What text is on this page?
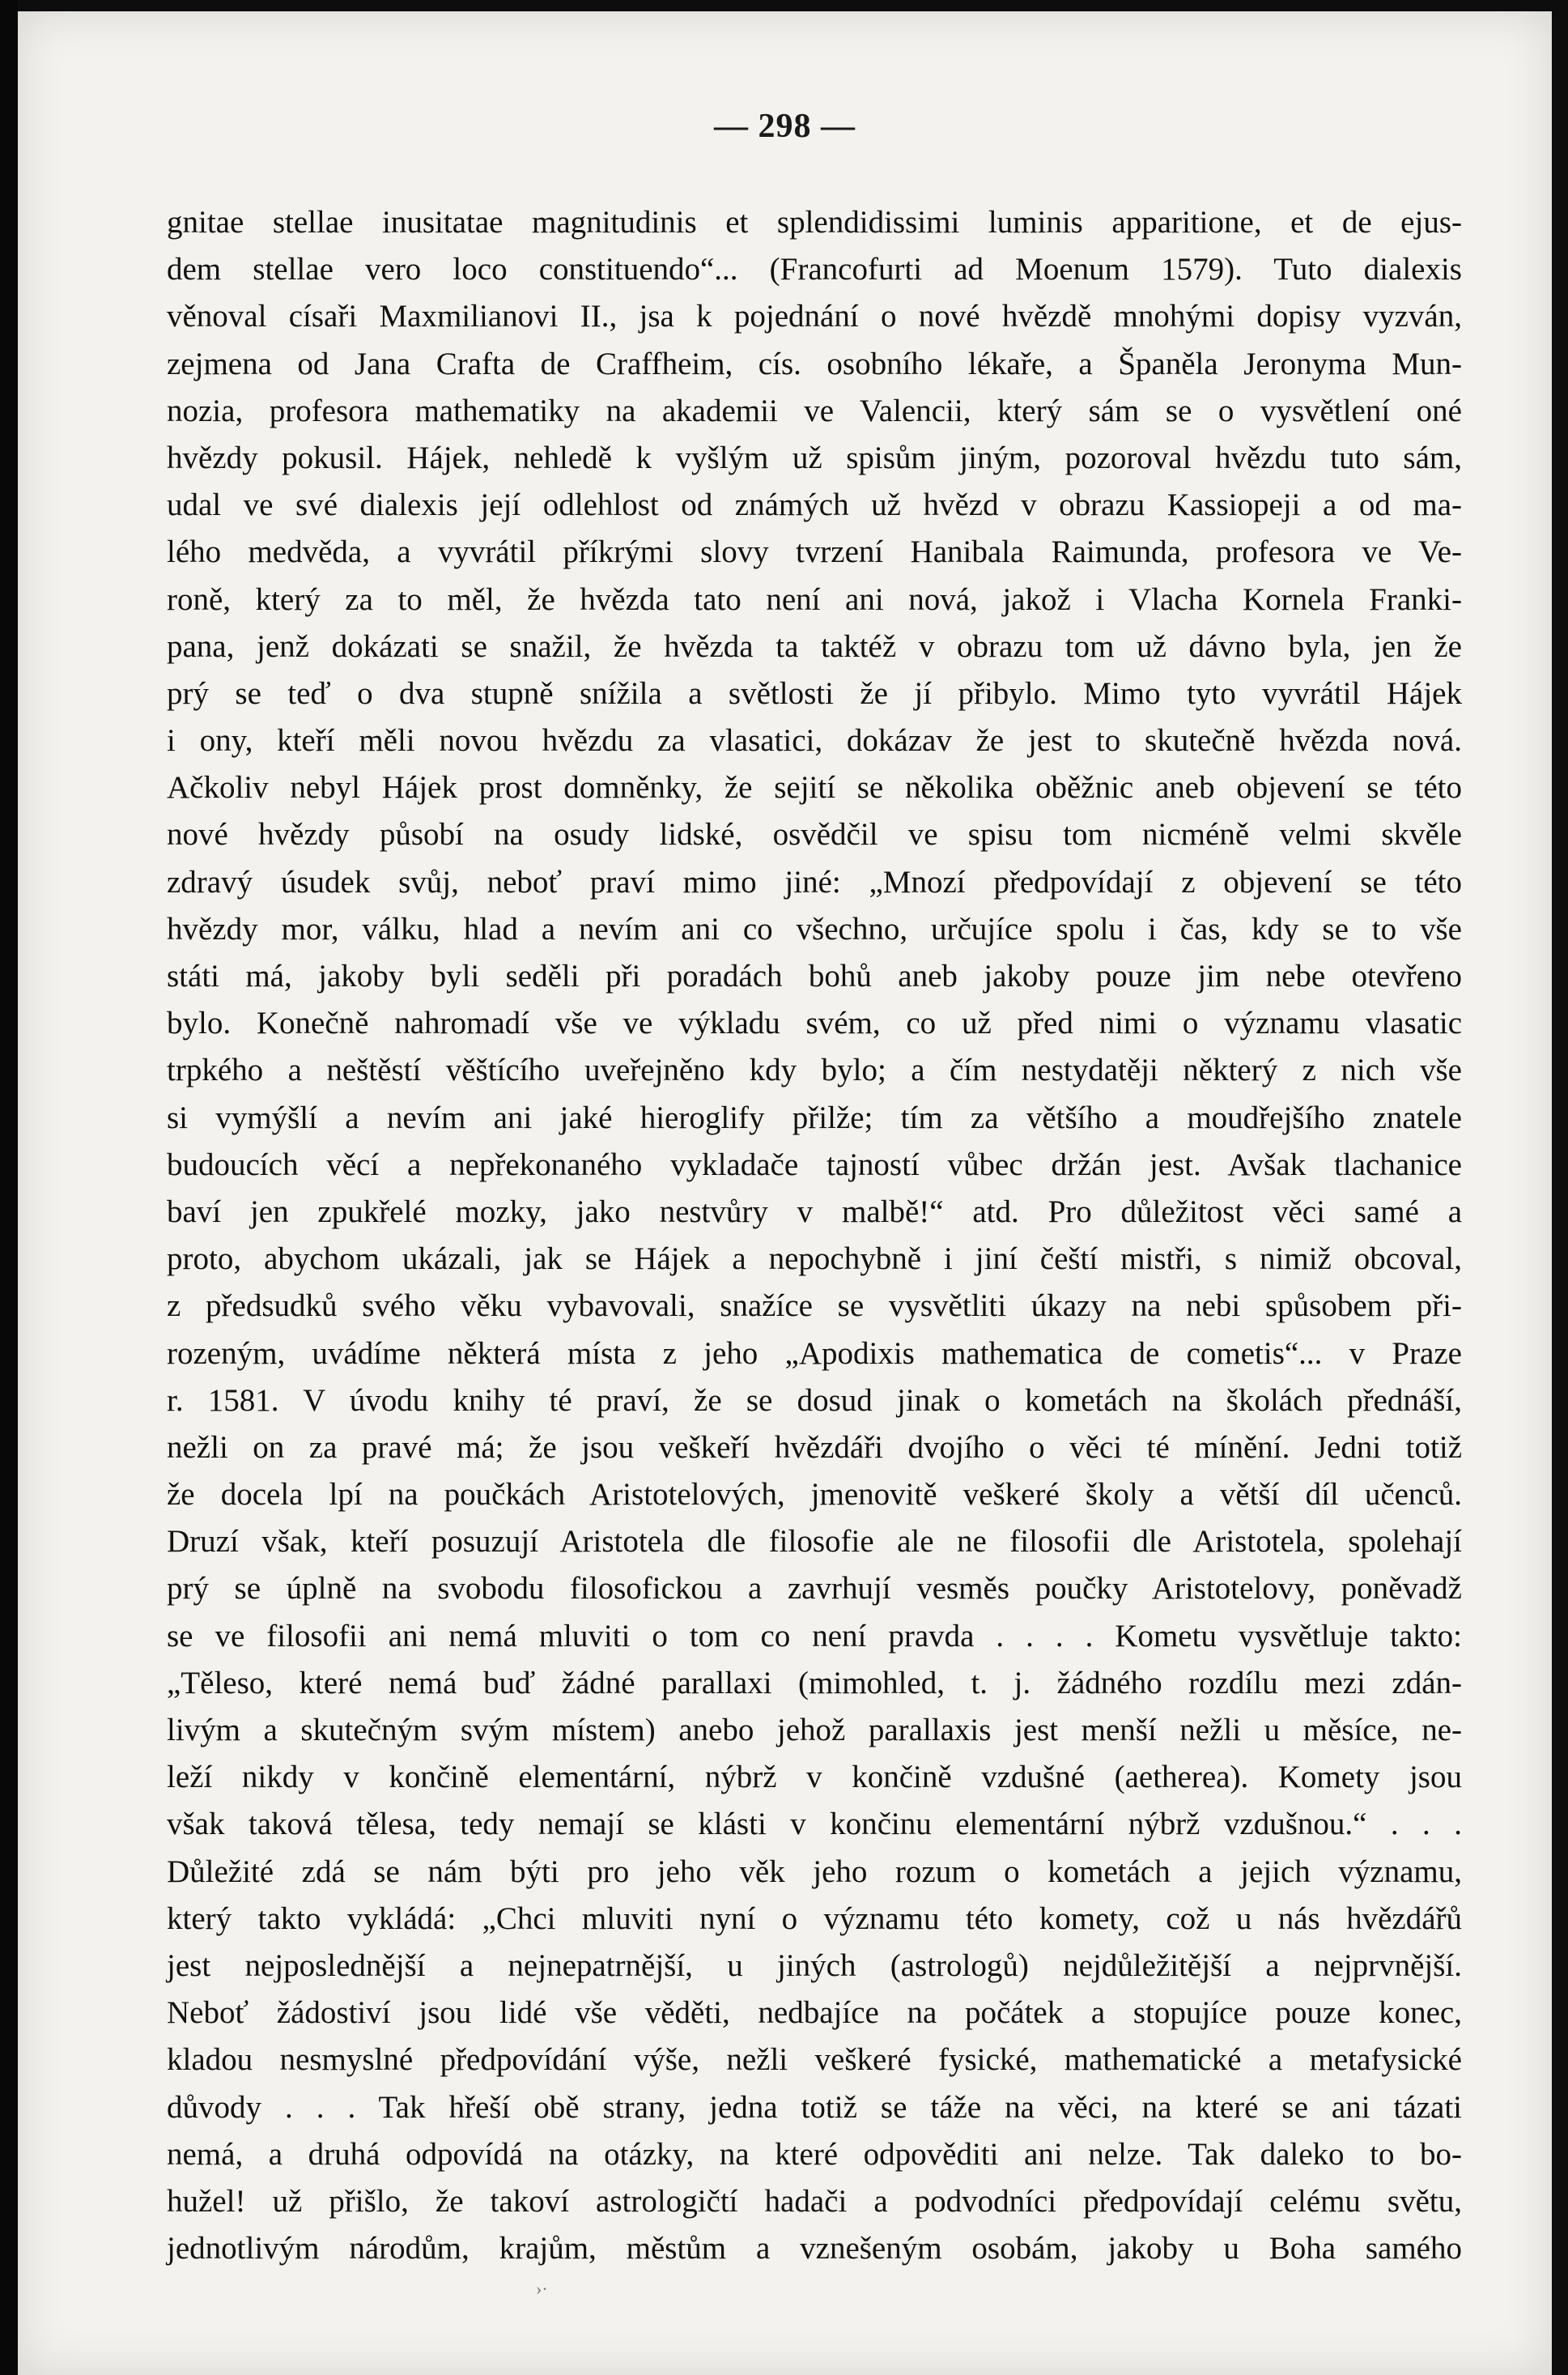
— 298 —
gnitae stellae inusitatae magnitudinis et splendidissimi luminis apparitione, et de ejus-
dem stellae vero loco constituendo“... (Francofurti ad Moenum 1579). Tuto dialexis
věnoval císaři Maxmilianovi II., jsa k pojednání o nové hvězdě mnohými dopisy vyzván,
zejmena od Jana Crafta de Craffheim, cís. osobního lékaře, a Španěla Jeronyma Mun-
nozia, profesora mathematiky na akademii ve Valencii, který sám se o vysvětlení oné
hvězdy pokusil. Hájek, nehledě k vyšlým už spisům jiným, pozoroval hvězdu tuto sám,
udal ve své dialexis její odlehlost od známých už hvězd v obrazu Kassiopeji a od ma-
lého medvěda, a vyvrátil příkrými slovy tvrzení Hanibala Raimunda, profesora ve Ve-
roně, který za to měl, že hvězda tato není ani nová, jakož i Vlacha Kornela Franki-
pana, jenž dokázati se snažil, že hvězda ta taktéž v obrazu tom už dávno byla, jen že
prý se teď o dva stupně snížila a světlosti že jí přibylo. Mimo tyto vyvrátil Hájek
i ony, kteří měli novou hvězdu za vlasatici, dokázav že jest to skutečně hvězda nová.
Ačkoliv nebyl Hájek prost domněnky, že sejití se několika oběžnic aneb objevení se této
nové hvězdy působí na osudy lidské, osvědčil ve spisu tom nicméně velmi skvěle
zdravý úsudek svůj, neboť praví mimo jiné: „Mnozí předpovídají z objevení se této
hvězdy mor, válku, hlad a nevím ani co všechno, určujíce spolu i čas, kdy se to vše
státi má, jakoby byli seděli při poradách bohů aneb jakoby pouze jim nebe otevřeno
bylo. Konečně nahromadí vše ve výkladu svém, co už před nimi o významu vlasatic
trpkého a neštěstí věštícího uveřejněno kdy bylo; a čím nestydatěji některý z nich vše
si vymýšlí a nevím ani jaké hieroglify přilže; tím za většího a moudřejšího znatele
budoucích věcí a nepřekonaného vykladače tajností vůbec držán jest. Avšak tlachanice
baví jen zpukřelé mozky, jako nestvůry v malbě!“ atd. Pro důležitost věci samé a
proto, abychom ukázali, jak se Hájek a nepochybně i jiní čeští mistři, s nimiž obcoval,
z předsudků svého věku vybavovali, snažíce se vysvětliti úkazy na nebi spůsobem při-
rozeným, uvádíme některá místa z jeho „Apodixis mathematica de cometis“... v Praze
r. 1581. V úvodu knihy té praví, že se dosud jinak o kometách na školách přednáší,
nežli on za pravé má; že jsou veškeří hvězdáři dvojího o věci té mínění. Jedni totiž
že docela lpí na poučkách Aristotelových, jmenovitě veškeré školy a větší díl učenců.
Druzí však, kteří posuzují Aristotela dle filosofie ale ne filosofii dle Aristotela, spolehají
prý se úplně na svobodu filosofickou a zavrhují vesměs poučky Aristotelovy, poněvadž
se ve filosofii ani nemá mluviti o tom co není pravda . . . . Kometu vysvětluje takto:
„Těleso, které nemá buď žádné parallaxi (mimohled, t. j. žádného rozdílu mezi zdán-
livým a skutečným svým místem) anebo jehož parallaxis jest menší nežli u měsíce, ne-
leží nikdy v končině elementární, nýbrž v končině vzdušné (aetherea). Komety jsou
však taková tělesa, tedy nemají se klásti v končinu elementární nýbrž vzdušnou.“ . . .
Důležité zdá se nám býti pro jeho věk jeho rozum o kometách a jejich významu,
který takto vykládá: „Chci mluviti nyní o významu této komety, což u nás hvězdářů
jest nejposlednější a nejnepatrnější, u jiných (astrologů) nejdůležitější a nejprvnější.
Neboť žádostiví jsou lidé vše věděti, nedbajíce na počátek a stopujíce pouze konec,
kladou nesmyslné předpovídání výše, nežli veškeré fysické, mathematické a metafysické
důvody . . . Tak hřeší obě strany, jedna totiž se táže na věci, na které se ani tázati
nemá, a druhá odpovídá na otázky, na které odpověditi ani nelze. Tak daleko to bo-
hužel! už přišlo, že takoví astrologičtí hadači a podvodníci předpovídají celému světu,
jednotlivým národům, krajům, městům a vznešeným osobám, jakoby u Boha samého
›·
